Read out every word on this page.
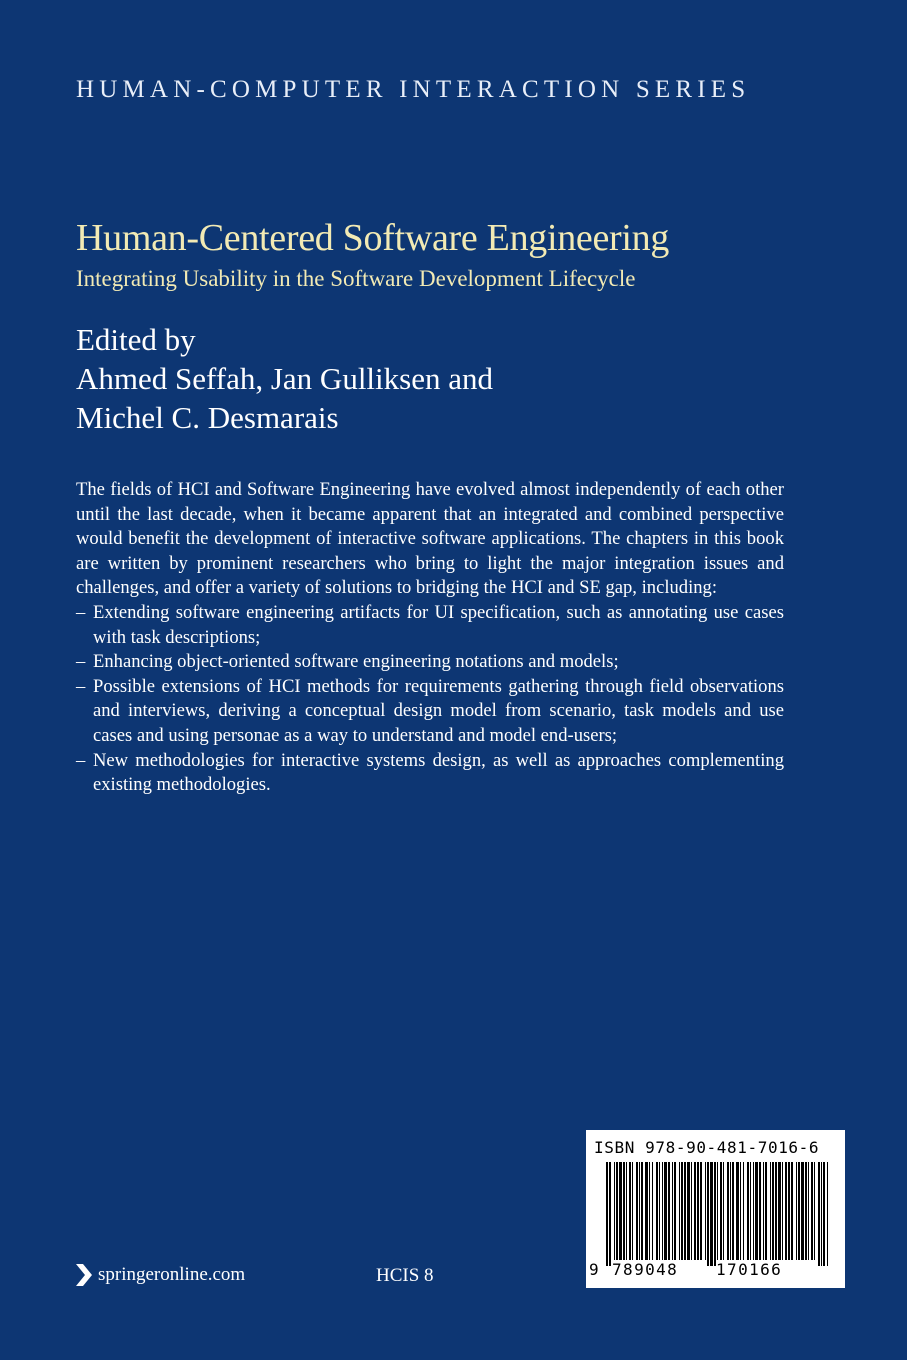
HUMAN-COMPUTER INTERACTION SERIES
Human-Centered Software Engineering
Integrating Usability in the Software Development Lifecycle
Edited by
Ahmed Seffah, Jan Gulliksen and
Michel C. Desmarais

The fields of HCI and Software Engineering have evolved almost independently of each other until the last decade, when it became apparent that an integrated and combined perspective would benefit the development of interactive software applications. The chapters in this book are written by prominent researchers who bring to light the major integration issues and challenges, and offer a variety of solutions to bridging the HCI and SE gap, including:

– Extending software engineering artifacts for UI specification, such as annotating use cases with task descriptions;
– Enhancing object-oriented software engineering notations and models;
– Possible extensions of HCI methods for requirements gathering through field observations and interviews, deriving a conceptual design model from scenario, task models and use cases and using personae as a way to understand and model end-users;
– New methodologies for interactive systems design, as well as approaches complementing existing methodologies.
springeronline.com	HCIS 8
ISBN 978-90-481-7016-6
9 789048	170166
